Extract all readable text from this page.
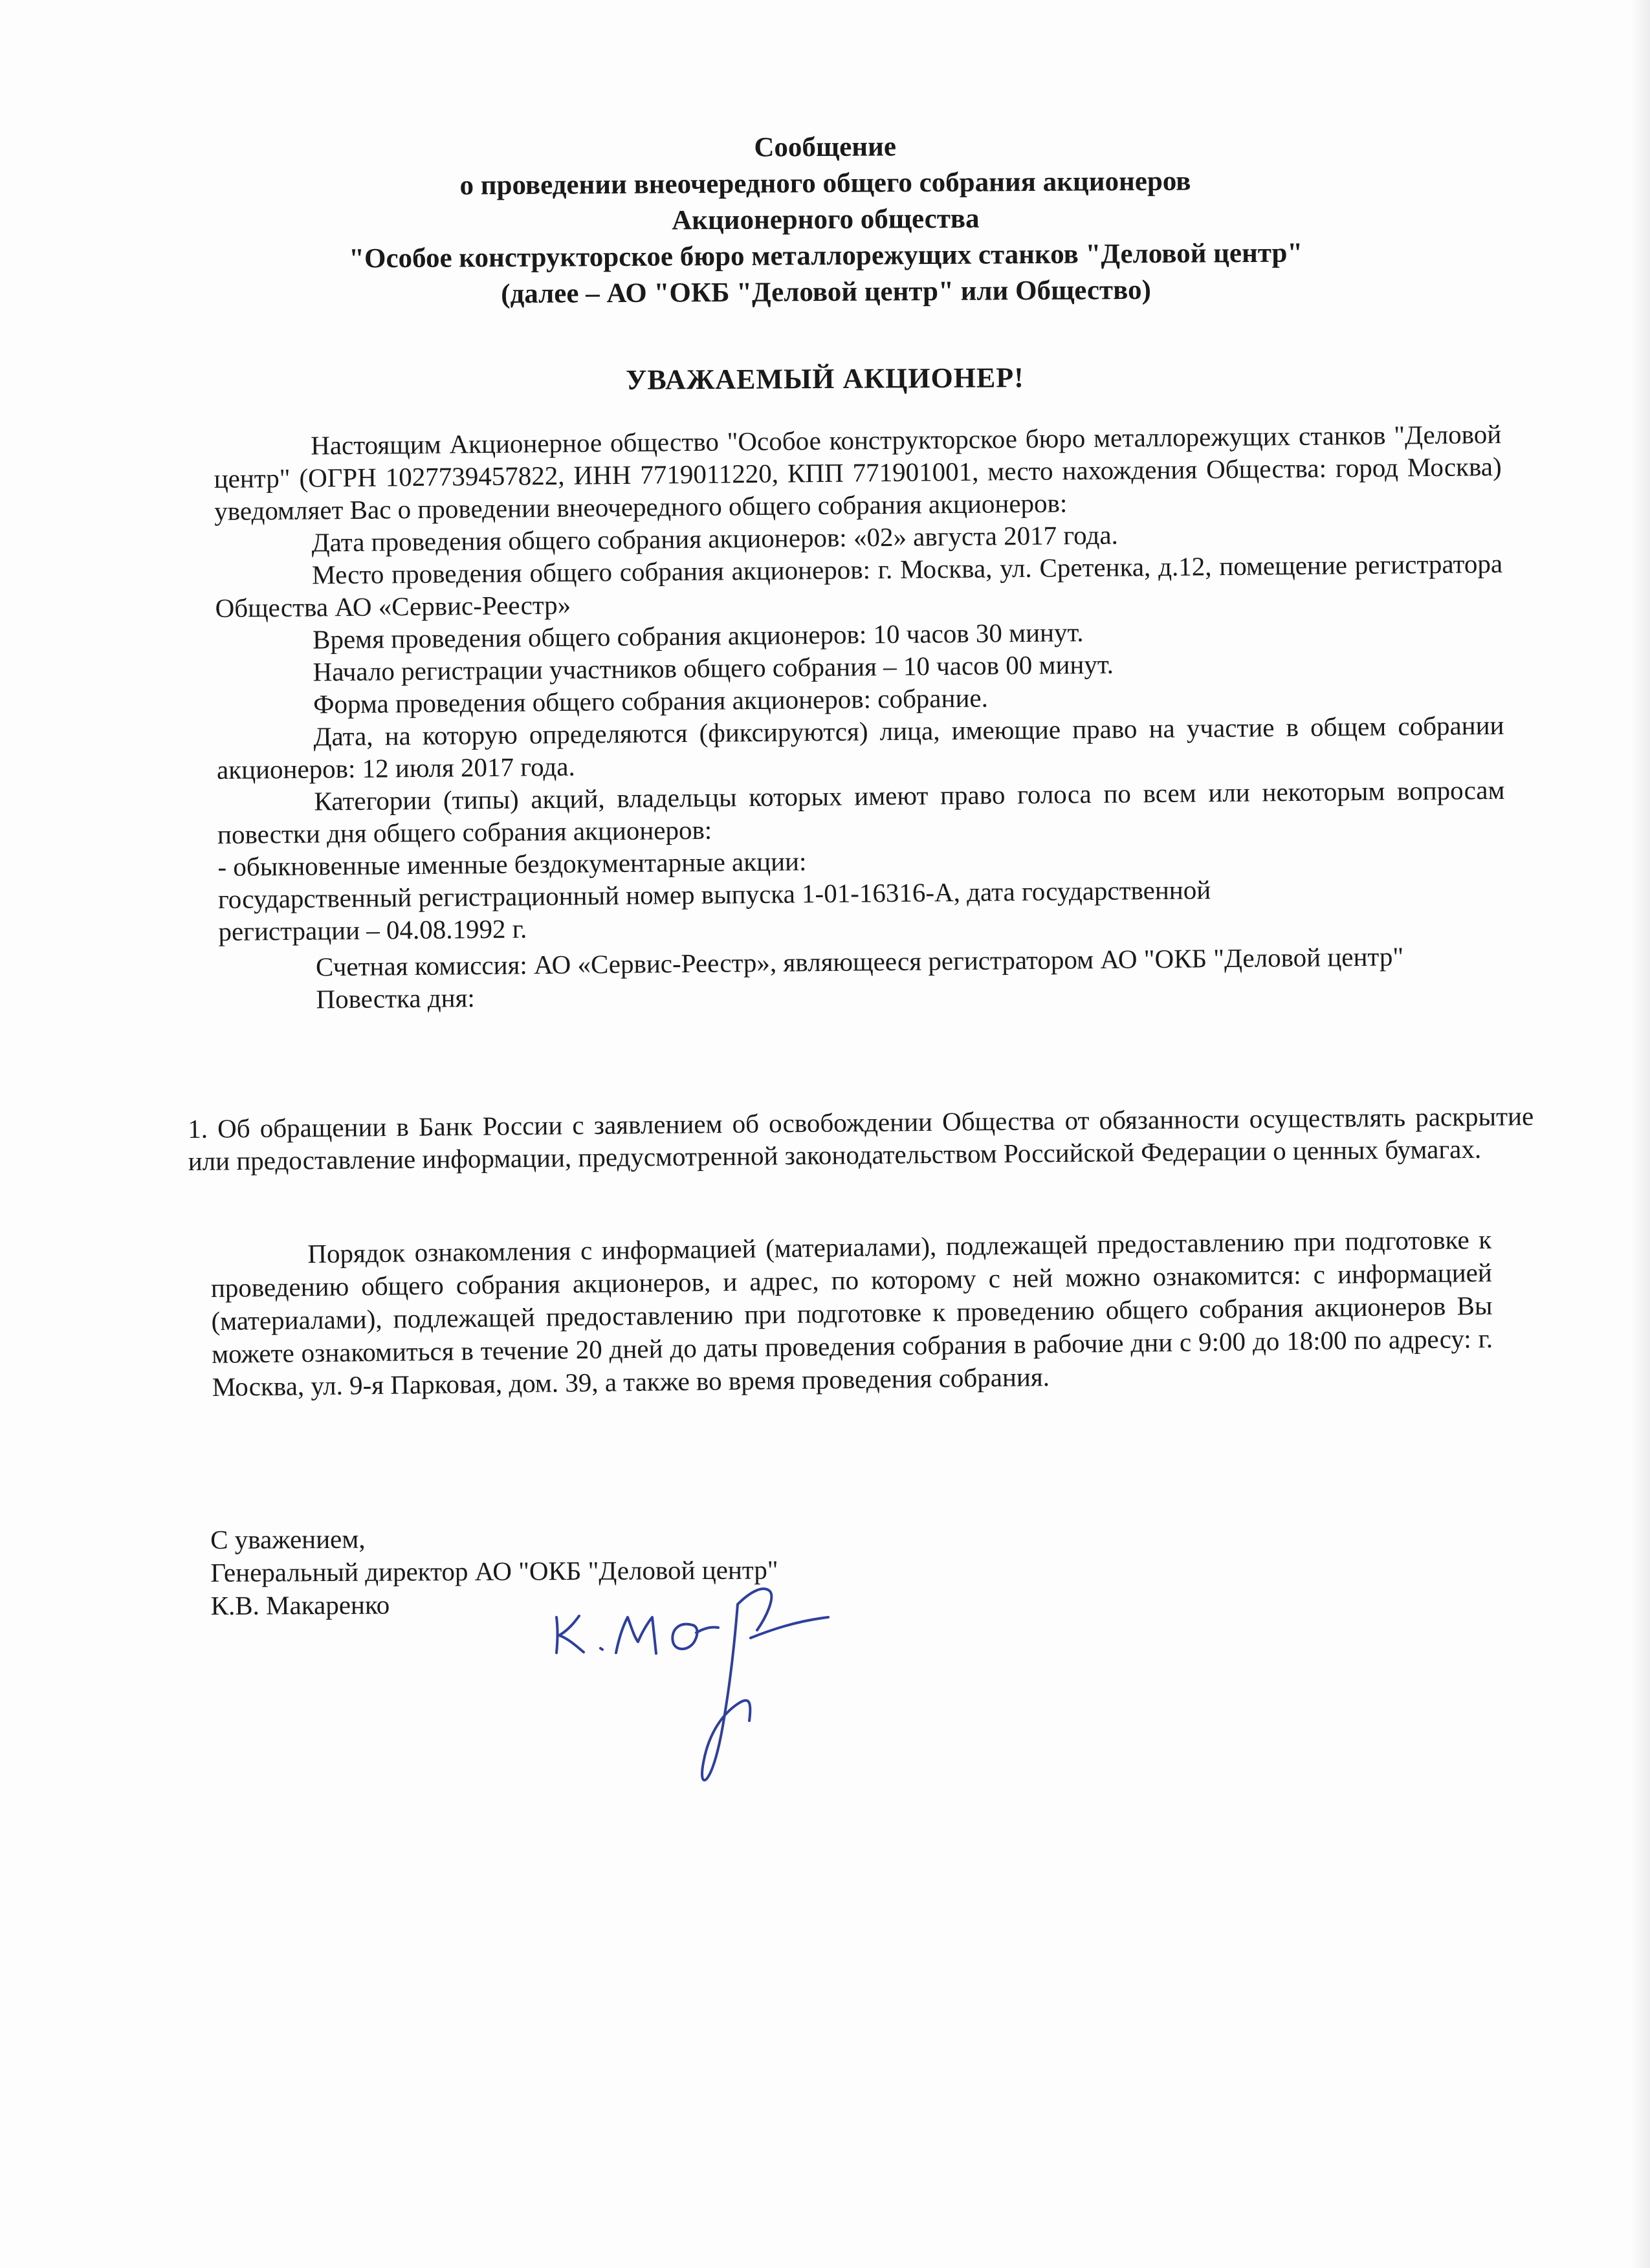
Сообщение
о проведении внеочередного общего собрания акционеров
Акционерного общества
"Особое конструкторское бюро металлорежущих станков "Деловой центр"
(далее – АО "ОКБ "Деловой центр" или Общество)
УВАЖАЕМЫЙ АКЦИОНЕР!

Настоящим Акционерное общество "Особое конструкторское бюро металлорежущих станков "Деловой центр" (ОГРН 1027739457822, ИНН 7719011220, КПП 771901001, место нахождения Общества: город Москва) уведомляет Вас о проведении внеочередного общего собрания акционеров:

Дата проведения общего собрания акционеров: «02» августа 2017 года.

Место проведения общего собрания акционеров: г. Москва, ул. Сретенка, д.12, помещение регистратора Общества АО «Сервис-Реестр»

Время проведения общего собрания акционеров: 10 часов 30 минут.

Начало регистрации участников общего собрания – 10 часов 00 минут.

Форма проведения общего собрания акционеров: собрание.

Дата, на которую определяются (фиксируются) лица, имеющие право на участие в общем собрании акционеров: 12 июля 2017 года.

Категории (типы) акций, владельцы которых имеют право голоса по всем или некоторым вопросам повестки дня общего собрания акционеров:

- обыкновенные именные бездокументарные акции:

государственный регистрационный номер выпуска 1-01-16316-А, дата государственной

регистрации – 04.08.1992 г.

Счетная комиссия: АО «Сервис-Реестр», являющееся регистратором АО "ОКБ "Деловой центр"

Повестка дня:

1. Об обращении в Банк России с заявлением об освобождении Общества от обязанности осуществлять раскрытие или предоставление информации, предусмотренной законодательством Российской Федерации о ценных бумагах.

Порядок ознакомления с информацией (материалами), подлежащей предоставлению при подготовке к проведению общего собрания акционеров, и адрес, по которому с ней можно ознакомится: с информацией (материалами), подлежащей предоставлению при подготовке к проведению общего собрания акционеров Вы можете ознакомиться в течение 20 дней до даты проведения собрания в рабочие дни с 9:00 до 18:00 по адресу: г. Москва, ул. 9-я Парковая, дом. 39, а также во время проведения собрания.

С уважением,
Генеральный директор АО "ОКБ "Деловой центр"
К.В. Макаренко
